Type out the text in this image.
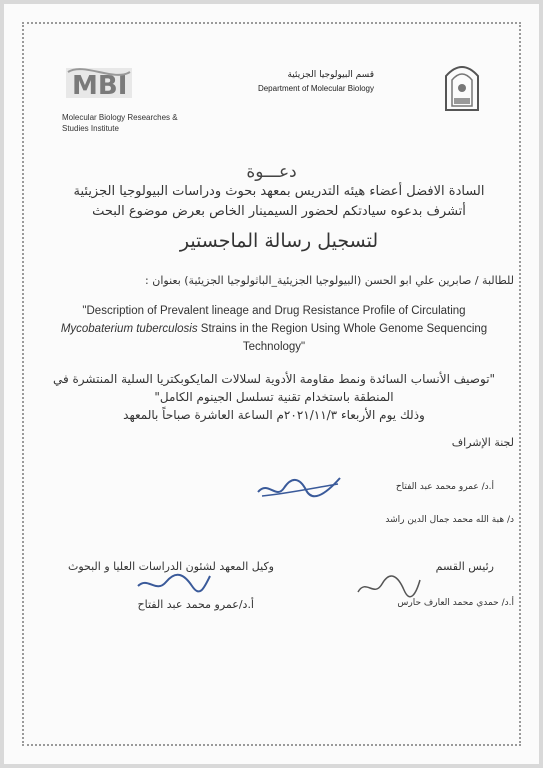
MBI
Molecular Biology Researches & Studies Institute
قسم البيولوجيا الجزيئية
Department of Molecular Biology
دعـــوة
السادة الافضل أعضاء هيئه التدريس بمعهد بحوث ودراسات البيولوجيا الجزيئية
أتشرف بدعوه سيادتكم لحضور السيمينار الخاص بعرض موضوع البحث
لتسجيل رسالة الماجستير
للطالبة / صابرين علي ابو الحسن (البيولوجيا الجزيئية_الباثولوجيا الجزيئية) بعنوان :
"Description of Prevalent lineage and Drug Resistance Profile of Circulating
Mycobaterium tuberculosis Strains in the Region Using Whole Genome Sequencing Technology"
"توصيف الأنساب السائدة ونمط مقاومة الأدوية لسلالات المايكوبكتريا السلية المنتشرة في المنطقة باستخدام تقنية تسلسل الجينوم الكامل"
وذلك يوم الأربعاء ٢٠٢١/١١/٣م الساعة العاشرة صباحاً بالمعهد
لجنة الإشراف
أ.د/ عمرو محمد عبد الفتاح
د/ هبة الله محمد جمال الدين راشد
رئيس القسم
أ.د/ حمدي محمد العارف حارس
وكيل المعهد لشئون الدراسات العليا و البحوث
أ.د/عمرو محمد عبد الفتاح
